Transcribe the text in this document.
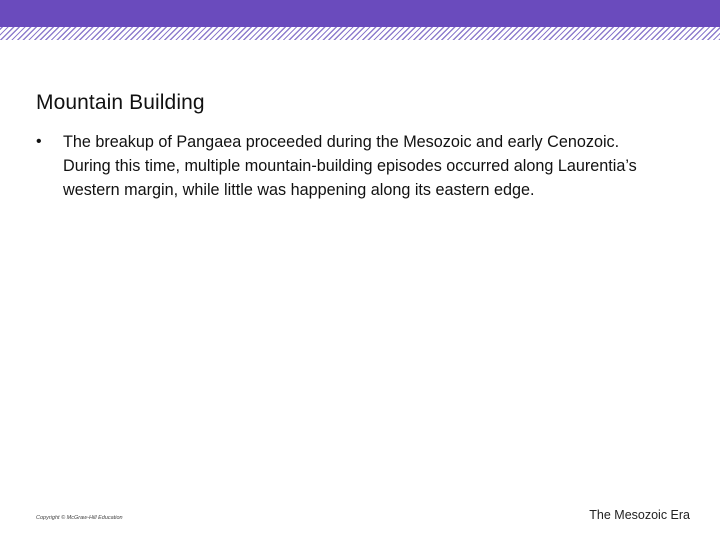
Mountain Building
•	The breakup of Pangaea proceeded during the Mesozoic and early Cenozoic. During this time, multiple mountain-building episodes occurred along Laurentia’s western margin, while little was happening along its eastern edge.
Copyright © McGraw-Hill Education	The Mesozoic Era
